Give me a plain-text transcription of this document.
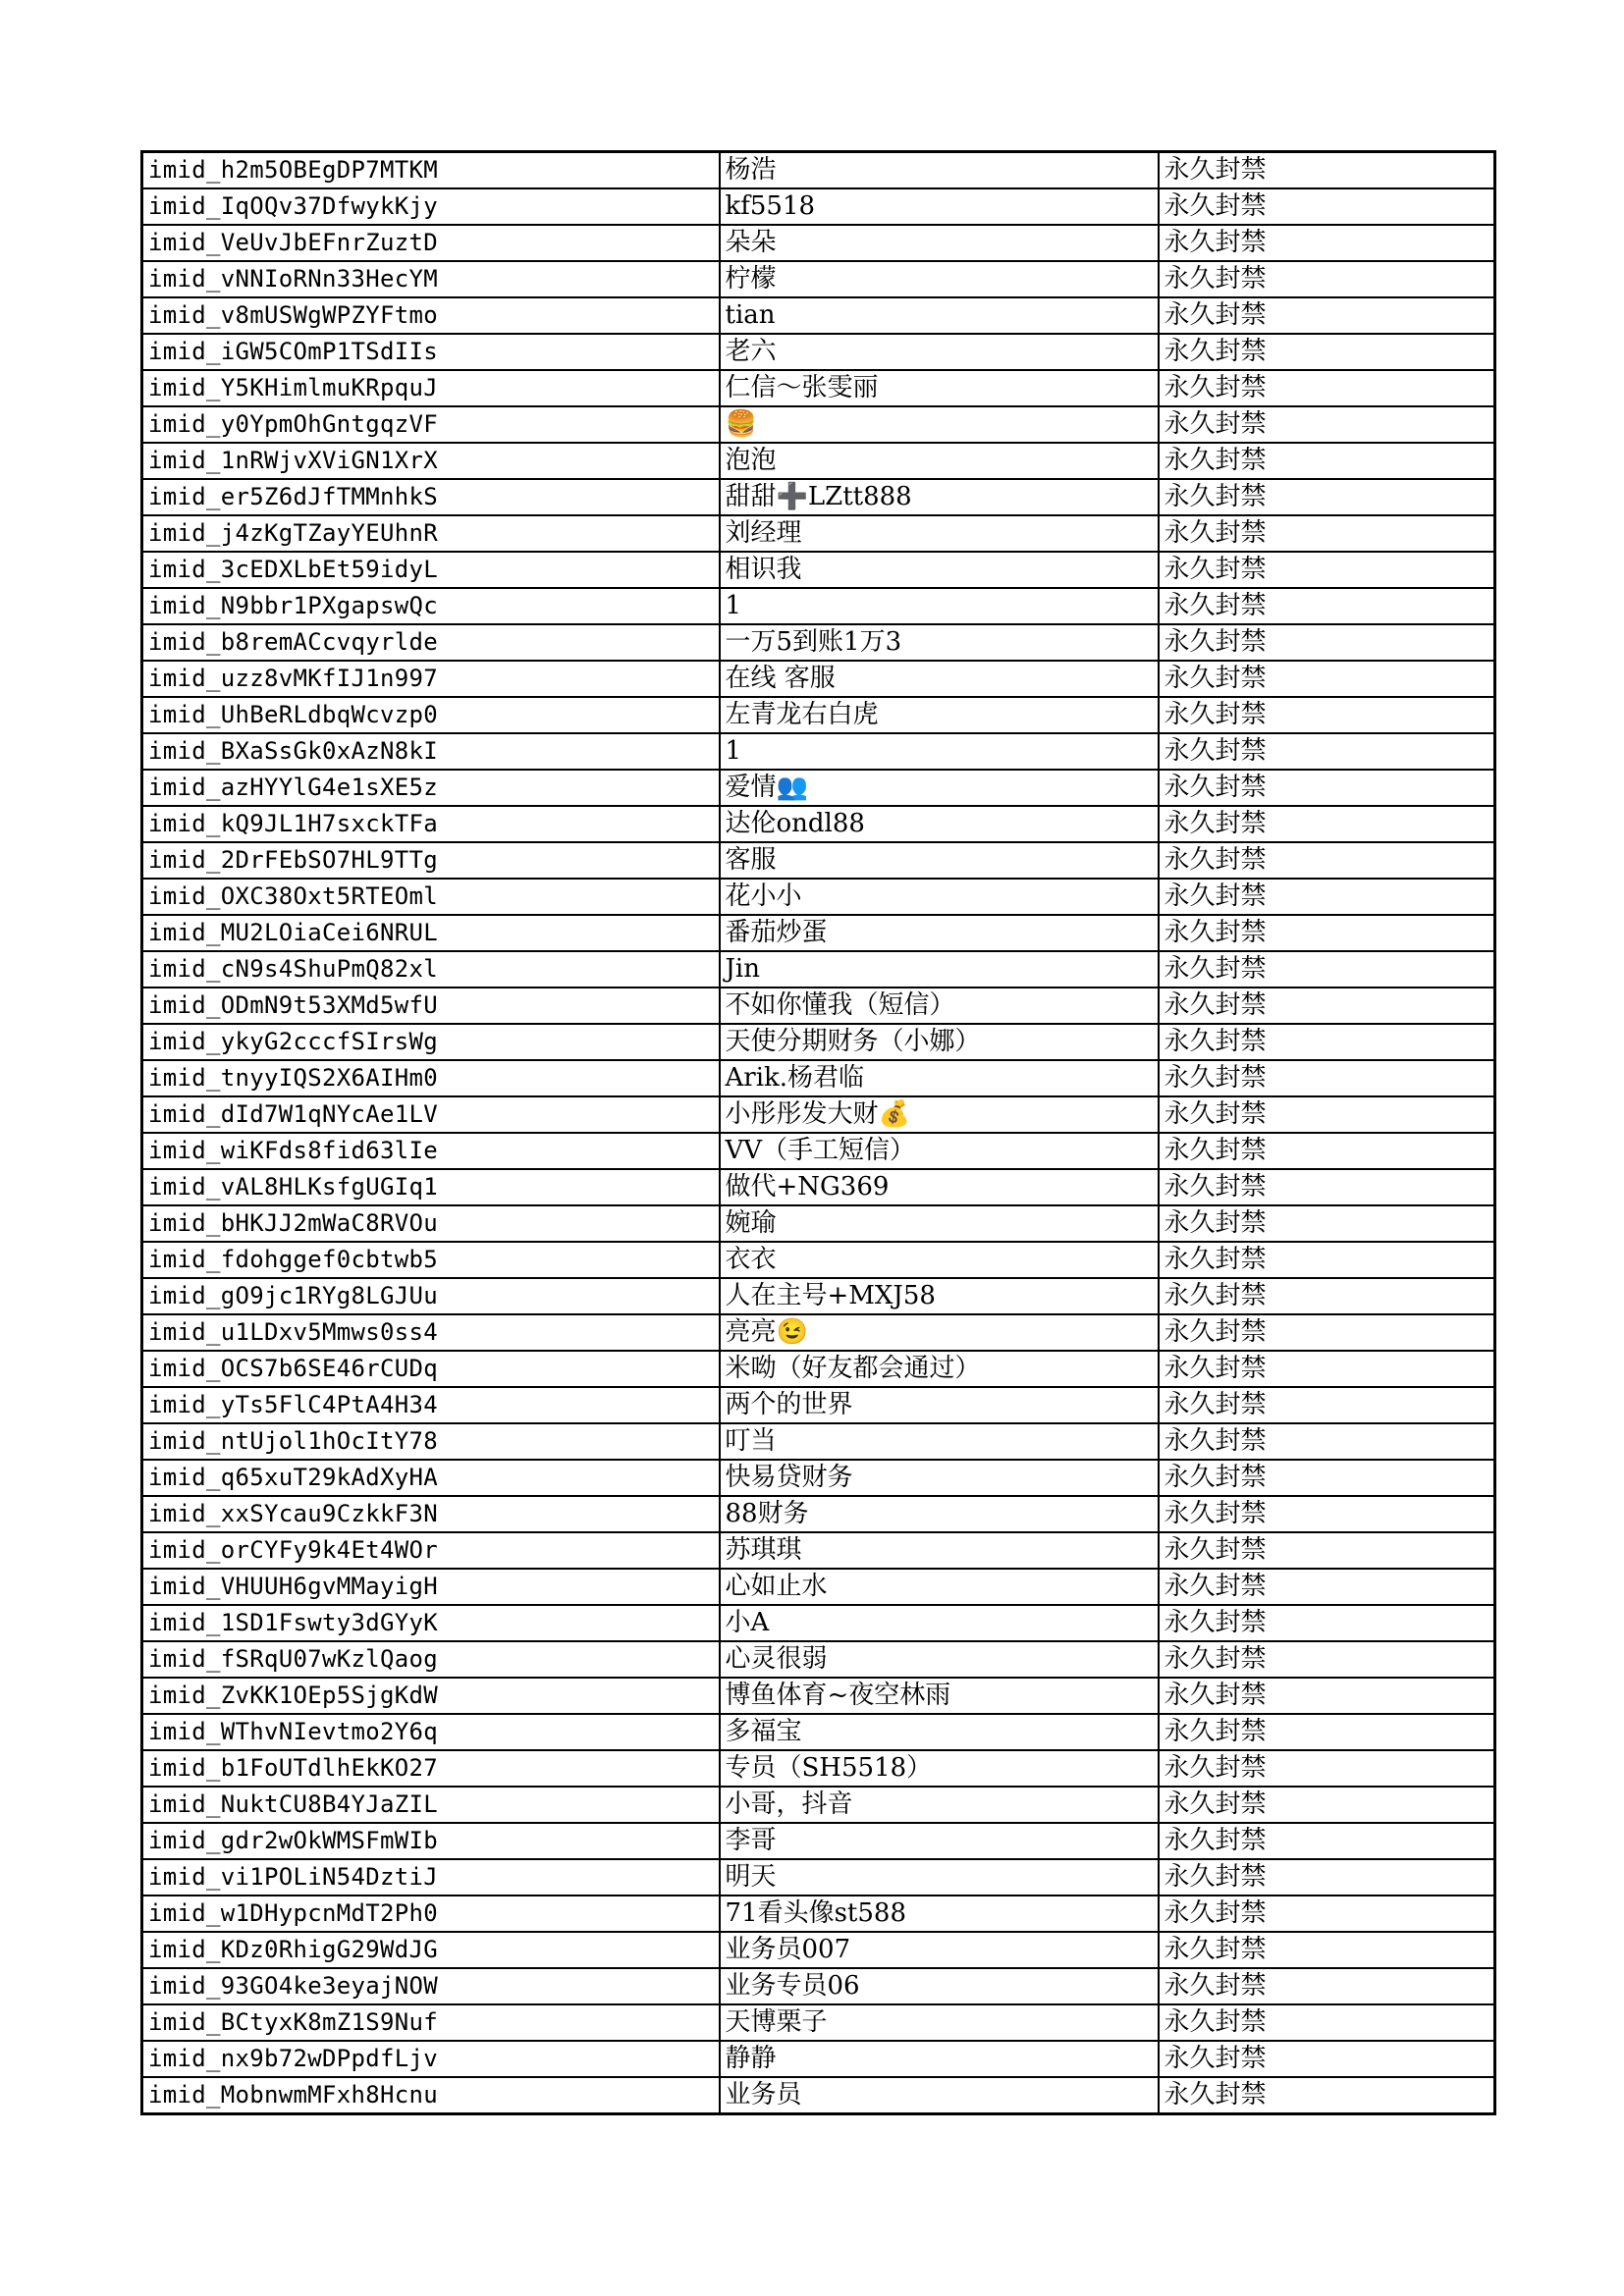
imid_h2m5OBEgDP7MTKM	杨浩	永久封禁
imid_IqOQv37DfwykKjy	kf5518	永久封禁
imid_VeUvJbEFnrZuztD	朵朵	永久封禁
imid_vNNIoRNn33HecYM	柠檬	永久封禁
imid_v8mUSWgWPZYFtmo	tian	永久封禁
imid_iGW5COmP1TSdIIs	老六	永久封禁
imid_Y5KHimlmuKRpquJ	仁信～张雯丽	永久封禁
imid_y0YpmOhGntgqzVF	🍔	永久封禁
imid_1nRWjvXViGN1XrX	泡泡	永久封禁
imid_er5Z6dJfTMMnhkS	甜甜➕LZtt888	永久封禁
imid_j4zKgTZayYEUhnR	刘经理	永久封禁
imid_3cEDXLbEt59idyL	相识我	永久封禁
imid_N9bbr1PXgapswQc	1	永久封禁
imid_b8remACcvqyrlde	一万5到账1万3	永久封禁
imid_uzz8vMKfIJ1n997	在线 客服	永久封禁
imid_UhBeRLdbqWcvzp0	左青龙右白虎	永久封禁
imid_BXaSsGk0xAzN8kI	1	永久封禁
imid_azHYYlG4e1sXE5z	爱情👥	永久封禁
imid_kQ9JL1H7sxckTFa	达伦ondl88	永久封禁
imid_2DrFEbSO7HL9TTg	客服	永久封禁
imid_OXC38Oxt5RTEOml	花小小	永久封禁
imid_MU2LOiaCei6NRUL	番茄炒蛋	永久封禁
imid_cN9s4ShuPmQ82xl	Jin	永久封禁
imid_ODmN9t53XMd5wfU	不如你懂我（短信）	永久封禁
imid_ykyG2cccfSIrsWg	天使分期财务（小娜）	永久封禁
imid_tnyyIQS2X6AIHm0	Arik.杨君临	永久封禁
imid_dId7W1qNYcAe1LV	小彤彤发大财💰	永久封禁
imid_wiKFds8fid63lIe	VV（手工短信）	永久封禁
imid_vAL8HLKsfgUGIq1	做代+NG369	永久封禁
imid_bHKJJ2mWaC8RVOu	婉瑜	永久封禁
imid_fdohggef0cbtwb5	衣衣	永久封禁
imid_gO9jc1RYg8LGJUu	人在主号+MXJ58	永久封禁
imid_u1LDxv5Mmws0ss4	亮亮😉	永久封禁
imid_OCS7b6SE46rCUDq	米呦（好友都会通过）	永久封禁
imid_yTs5FlC4PtA4H34	两个的世界	永久封禁
imid_ntUjol1hOcItY78	叮当	永久封禁
imid_q65xuT29kAdXyHA	快易贷财务	永久封禁
imid_xxSYcau9CzkkF3N	88财务	永久封禁
imid_orCYFy9k4Et4WOr	苏琪琪	永久封禁
imid_VHUUH6gvMMayigH	心如止水	永久封禁
imid_1SD1Fswty3dGYyK	小A	永久封禁
imid_fSRqU07wKzlQaog	心灵很弱	永久封禁
imid_ZvKK1OEp5SjgKdW	博鱼体育~夜空林雨	永久封禁
imid_WThvNIevtmo2Y6q	多福宝	永久封禁
imid_b1FoUTdlhEkKO27	专员（SH5518）	永久封禁
imid_NuktCU8B4YJaZIL	小哥，抖音	永久封禁
imid_gdr2wOkWMSFmWIb	李哥	永久封禁
imid_vi1POLiN54DztiJ	明天	永久封禁
imid_w1DHypcnMdT2Ph0	71看头像st588	永久封禁
imid_KDz0RhigG29WdJG	业务员007	永久封禁
imid_93GO4ke3eyajNOW	业务专员06	永久封禁
imid_BCtyxK8mZ1S9Nuf	天博栗子	永久封禁
imid_nx9b72wDPpdfLjv	静静	永久封禁
imid_MobnwmMFxh8Hcnu	业务员	永久封禁
